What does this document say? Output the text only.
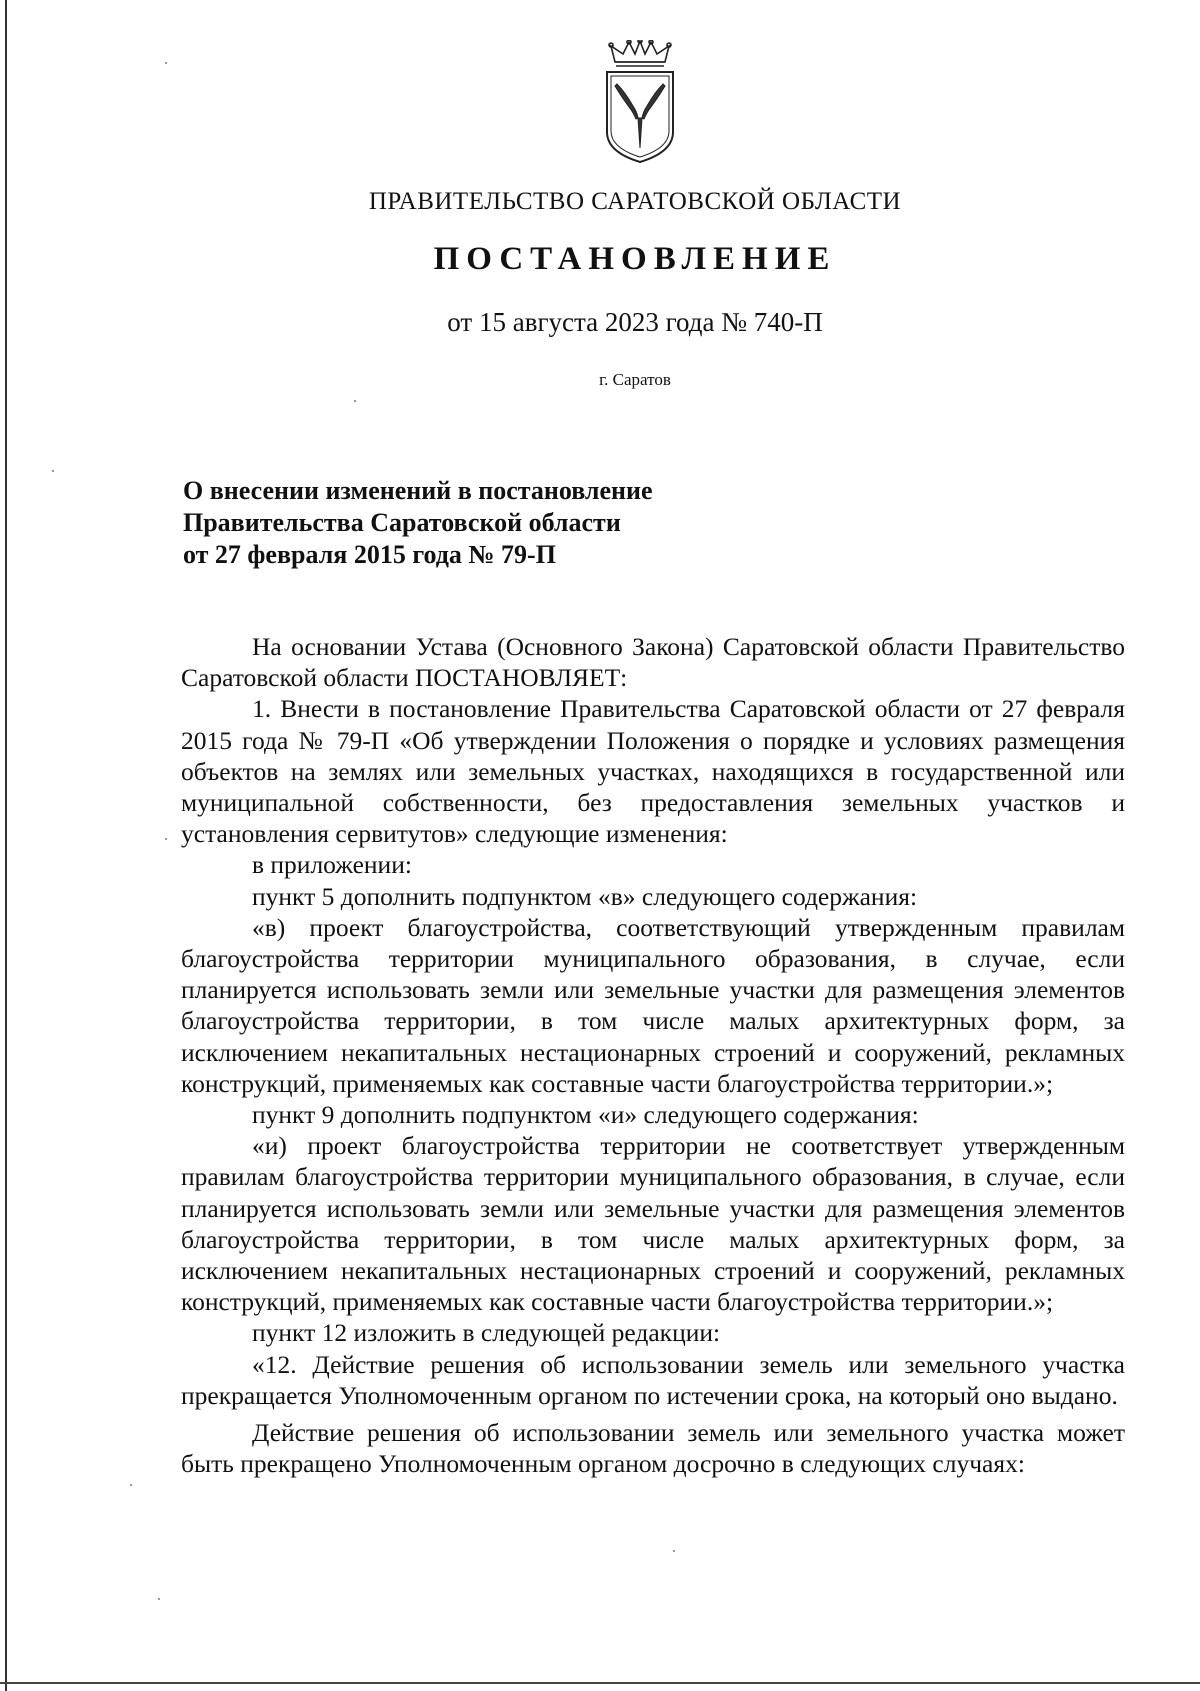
ПРАВИТЕЛЬСТВО САРАТОВСКОЙ ОБЛАСТИ
ПОСТАНОВЛЕНИЕ
от 15 августа 2023 года № 740-П
г. Саратов
О внесении изменений в постановление
Правительства Саратовской области
от 27 февраля 2015 года № 79-П

На основании Устава (Основного Закона) Саратовской области Правительство Саратовской области ПОСТАНОВЛЯЕТ:

1. Внести в постановление Правительства Саратовской области от 27 февраля 2015 года № 79-П «Об утверждении Положения о порядке и условиях размещения объектов на землях или земельных участках, находящихся в государственной или муниципальной собственности, без предоставления земельных участков и установления сервитутов» следующие изменения:

в приложении:

пункт 5 дополнить подпунктом «в» следующего содержания:

«в) проект благоустройства, соответствующий утвержденным правилам благоустройства территории муниципального образования, в случае, если планируется использовать земли или земельные участки для размещения элементов благоустройства территории, в том числе малых архитектурных форм, за исключением некапитальных нестационарных строений и сооружений, рекламных конструкций, применяемых как составные части благоустройства территории.»;

пункт 9 дополнить подпунктом «и» следующего содержания:

«и) проект благоустройства территории не соответствует утвержденным правилам благоустройства территории муниципального образования, в случае, если планируется использовать земли или земельные участки для размещения элементов благоустройства территории, в том числе малых архитектурных форм, за исключением некапитальных нестационарных строений и сооружений, рекламных конструкций, применяемых как составные части благоустройства территории.»;

пункт 12 изложить в следующей редакции:

«12. Действие решения об использовании земель или земельного участка прекращается Уполномоченным органом по истечении срока, на который оно выдано.

Действие решения об использовании земель или земельного участка может быть прекращено Уполномоченным органом досрочно в следующих случаях:
